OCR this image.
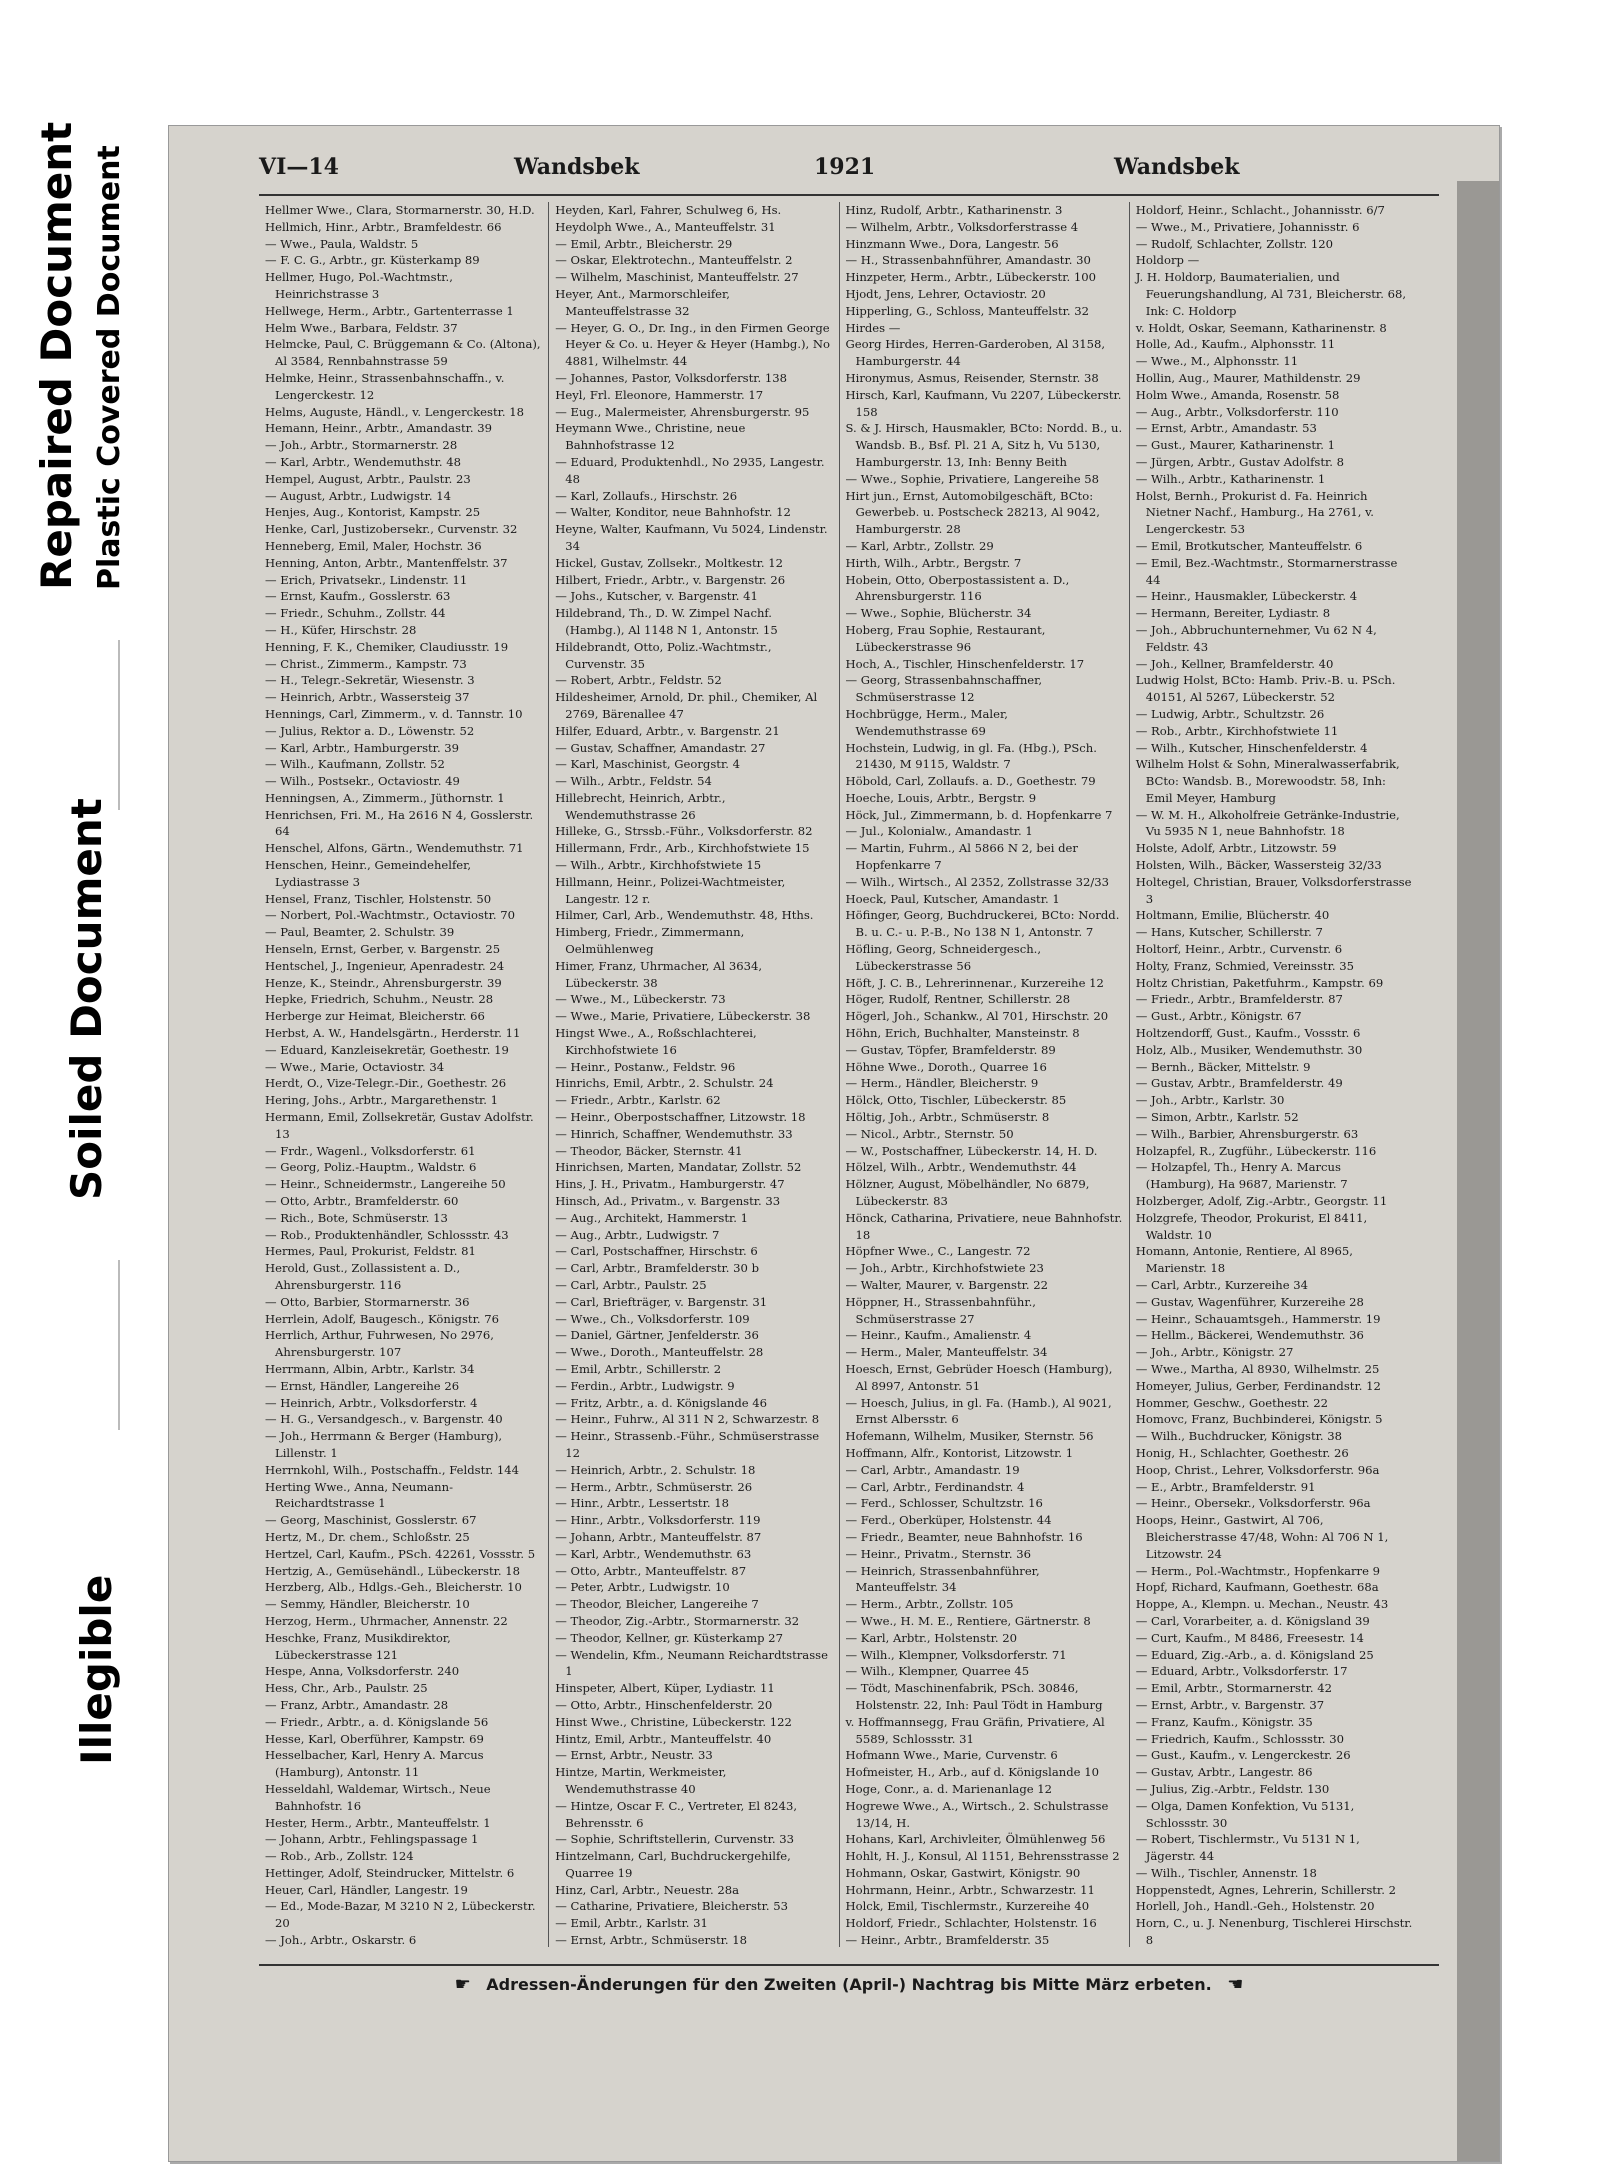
Repaired Document Plastic Covered Document
Soiled Document
Illegible
VI—14	Wandsbek	1921	Wandsbek
Hellmer Wwe., Clara, Stormarnerstr. 30, H.D.
Hellmich, Hinr., Arbtr., Bramfeldestr. 66
— Wwe., Paula, Waldstr. 5
— F. C. G., Arbtr., gr. Küsterkamp 89
Hellmer, Hugo, Pol.-Wachtmstr., Heinrichstrasse 3
Hellwege, Herm., Arbtr., Gartenterrasse 1
Helm Wwe., Barbara, Feldstr. 37
Helmcke, Paul, C. Brüggemann & Co. (Altona), Al 3584, Rennbahnstrasse 59
Helmke, Heinr., Strassenbahnschaffn., v. Lengerckestr. 12
Helms, Auguste, Händl., v. Lengerckestr. 18
Hemann, Heinr., Arbtr., Amandastr. 39
— Joh., Arbtr., Stormarnerstr. 28
— Karl, Arbtr., Wendemuthstr. 48
Hempel, August, Arbtr., Paulstr. 23
— August, Arbtr., Ludwigstr. 14
Henjes, Aug., Kontorist, Kampstr. 25
Henke, Carl, Justizobersekr., Curvenstr. 32
Henneberg, Emil, Maler, Hochstr. 36
Henning, Anton, Arbtr., Mantenffelstr. 37
— Erich, Privatsekr., Lindenstr. 11
— Ernst, Kaufm., Gosslerstr. 63
— Friedr., Schuhm., Zollstr. 44
— H., Küfer, Hirschstr. 28
Henning, F. K., Chemiker, Claudiusstr. 19
— Christ., Zimmerm., Kampstr. 73
— H., Telegr.-Sekretär, Wiesenstr. 3
— Heinrich, Arbtr., Wassersteig 37
Hennings, Carl, Zimmerm., v. d. Tannstr. 10
— Julius, Rektor a. D., Löwenstr. 52
— Karl, Arbtr., Hamburgerstr. 39
— Wilh., Kaufmann, Zollstr. 52
— Wilh., Postsekr., Octaviostr. 49
Henningsen, A., Zimmerm., Jüthornstr. 1
Henrichsen, Fri. M., Ha 2616 N 4, Gosslerstr. 64
Henschel, Alfons, Gärtn., Wendemuthstr. 71
Henschen, Heinr., Gemeindehelfer, Lydiastrasse 3
Hensel, Franz, Tischler, Holstenstr. 50
— Norbert, Pol.-Wachtmstr., Octaviostr. 70
— Paul, Beamter, 2. Schulstr. 39
Henseln, Ernst, Gerber, v. Bargenstr. 25
Hentschel, J., Ingenieur, Apenradestr. 24
Henze, K., Steindr., Ahrensburgerstr. 39
Hepke, Friedrich, Schuhm., Neustr. 28
Herberge zur Heimat, Bleicherstr. 66
Herbst, A. W., Handelsgärtn., Herderstr. 11
— Eduard, Kanzleisekretär, Goethestr. 19
— Wwe., Marie, Octaviostr. 34
Herdt, O., Vize-Telegr.-Dir., Goethestr. 26
Hering, Johs., Arbtr., Margarethenstr. 1
Hermann, Emil, Zollsekretär, Gustav Adolfstr. 13
— Frdr., Wagenl., Volksdorferstr. 61
— Georg, Poliz.-Hauptm., Waldstr. 6
— Heinr., Schneidermstr., Langereihe 50
— Otto, Arbtr., Bramfelderstr. 60
— Rich., Bote, Schmüserstr. 13
— Rob., Produktenhändler, Schlossstr. 43
Hermes, Paul, Prokurist, Feldstr. 81
Herold, Gust., Zollassistent a. D., Ahrensburgerstr. 116
— Otto, Barbier, Stormarnerstr. 36
Herrlein, Adolf, Baugesch., Königstr. 76
Herrlich, Arthur, Fuhrwesen, No 2976, Ahrensburgerstr. 107
Herrmann, Albin, Arbtr., Karlstr. 34
— Ernst, Händler, Langereihe 26
— Heinrich, Arbtr., Volksdorferstr. 4
— H. G., Versandgesch., v. Bargenstr. 40
— Joh., Herrmann & Berger (Hamburg), Lillenstr. 1
Herrnkohl, Wilh., Postschaffn., Feldstr. 144
Herting Wwe., Anna, Neumann-Reichardtstrasse 1
— Georg, Maschinist, Gosslerstr. 67
Hertz, M., Dr. chem., Schloßstr. 25
Hertzel, Carl, Kaufm., PSch. 42261, Vossstr. 5
Hertzig, A., Gemüsehändl., Lübeckerstr. 18
Herzberg, Alb., Hdlgs.-Geh., Bleicherstr. 10
— Semmy, Händler, Bleicherstr. 10
Herzog, Herm., Uhrmacher, Annenstr. 22
Heschke, Franz, Musikdirektor, Lübeckerstrasse 121
Hespe, Anna, Volksdorferstr. 240
Hess, Chr., Arb., Paulstr. 25
— Franz, Arbtr., Amandastr. 28
— Friedr., Arbtr., a. d. Königslande 56
Hesse, Karl, Oberführer, Kampstr. 69
Hesselbacher, Karl, Henry A. Marcus (Hamburg), Antonstr. 11
Hesseldahl, Waldemar, Wirtsch., Neue Bahnhofstr. 16
Hester, Herm., Arbtr., Manteuffelstr. 1
— Johann, Arbtr., Fehlingspassage 1
— Rob., Arb., Zollstr. 124
Hettinger, Adolf, Steindrucker, Mittelstr. 6
Heuer, Carl, Händler, Langestr. 19
— Ed., Mode-Bazar, M 3210 N 2, Lübeckerstr. 20
— Joh., Arbtr., Oskarstr. 6
Heyden, Karl, Fahrer, Schulweg 6, Hs.
Heydolph Wwe., A., Manteuffelstr. 31
— Emil, Arbtr., Bleicherstr. 29
— Oskar, Elektrotechn., Manteuffelstr. 2
— Wilhelm, Maschinist, Manteuffelstr. 27
Heyer, Ant., Marmorschleifer, Manteuffelstrasse 32
— Heyer, G. O., Dr. Ing., in den Firmen George Heyer & Co. u. Heyer & Heyer (Hambg.), No 4881, Wilhelmstr. 44
— Johannes, Pastor, Volksdorferstr. 138
Heyl, Frl. Eleonore, Hammerstr. 17
— Eug., Malermeister, Ahrensburgerstr. 95
Heymann Wwe., Christine, neue Bahnhofstrasse 12
— Eduard, Produktenhdl., No 2935, Langestr. 48
— Karl, Zollaufs., Hirschstr. 26
— Walter, Konditor, neue Bahnhofstr. 12
Heyne, Walter, Kaufmann, Vu 5024, Lindenstr. 34
Hickel, Gustav, Zollsekr., Moltkestr. 12
Hilbert, Friedr., Arbtr., v. Bargenstr. 26
— Johs., Kutscher, v. Bargenstr. 41
Hildebrand, Th., D. W. Zimpel Nachf. (Hambg.), Al 1148 N 1, Antonstr. 15
Hildebrandt, Otto, Poliz.-Wachtmstr., Curvenstr. 35
— Robert, Arbtr., Feldstr. 52
Hildesheimer, Arnold, Dr. phil., Chemiker, Al 2769, Bärenallee 47
Hilfer, Eduard, Arbtr., v. Bargenstr. 21
— Gustav, Schaffner, Amandastr. 27
— Karl, Maschinist, Georgstr. 4
— Wilh., Arbtr., Feldstr. 54
Hillebrecht, Heinrich, Arbtr., Wendemuthstrasse 26
Hilleke, G., Strssb.-Führ., Volksdorferstr. 82
Hillermann, Frdr., Arb., Kirchhofstwiete 15
— Wilh., Arbtr., Kirchhofstwiete 15
Hillmann, Heinr., Polizei-Wachtmeister, Langestr. 12 r.
Hilmer, Carl, Arb., Wendemuthstr. 48, Hths.
Himberg, Friedr., Zimmermann, Oelmühlenweg
Himer, Franz, Uhrmacher, Al 3634, Lübeckerstr. 38
— Wwe., M., Lübeckerstr. 73
— Wwe., Marie, Privatiere, Lübeckerstr. 38
Hingst Wwe., A., Roßschlachterei, Kirchhofstwiete 16
— Heinr., Postanw., Feldstr. 96
Hinrichs, Emil, Arbtr., 2. Schulstr. 24
— Friedr., Arbtr., Karlstr. 62
— Heinr., Oberpostschaffner, Litzowstr. 18
— Hinrich, Schaffner, Wendemuthstr. 33
— Theodor, Bäcker, Sternstr. 41
Hinrichsen, Marten, Mandatar, Zollstr. 52
Hins, J. H., Privatm., Hamburgerstr. 47
Hinsch, Ad., Privatm., v. Bargenstr. 33
— Aug., Architekt, Hammerstr. 1
— Aug., Arbtr., Ludwigstr. 7
— Carl, Postschaffner, Hirschstr. 6
— Carl, Arbtr., Bramfelderstr. 30 b
— Carl, Arbtr., Paulstr. 25
— Carl, Briefträger, v. Bargenstr. 31
— Wwe., Ch., Volksdorferstr. 109
— Daniel, Gärtner, Jenfelderstr. 36
— Wwe., Doroth., Manteuffelstr. 28
— Emil, Arbtr., Schillerstr. 2
— Ferdin., Arbtr., Ludwigstr. 9
— Fritz, Arbtr., a. d. Königslande 46
— Heinr., Fuhrw., Al 311 N 2, Schwarzestr. 8
— Heinr., Strassenb.-Führ., Schmüserstrasse 12
— Heinrich, Arbtr., 2. Schulstr. 18
— Herm., Arbtr., Schmüserstr. 26
— Hinr., Arbtr., Lessertstr. 18
— Hinr., Arbtr., Volksdorferstr. 119
— Johann, Arbtr., Manteuffelstr. 87
— Karl, Arbtr., Wendemuthstr. 63
— Otto, Arbtr., Manteuffelstr. 87
— Peter, Arbtr., Ludwigstr. 10
— Theodor, Bleicher, Langereihe 7
— Theodor, Zig.-Arbtr., Stormarnerstr. 32
— Theodor, Kellner, gr. Küsterkamp 27
— Wendelin, Kfm., Neumann Reichardtstrasse 1
Hinspeter, Albert, Küper, Lydiastr. 11
— Otto, Arbtr., Hinschenfelderstr. 20
Hinst Wwe., Christine, Lübeckerstr. 122
Hintz, Emil, Arbtr., Manteuffelstr. 40
— Ernst, Arbtr., Neustr. 33
Hintze, Martin, Werkmeister, Wendemuthstrasse 40
— Hintze, Oscar F. C., Vertreter, El 8243, Behrensstr. 6
— Sophie, Schriftstellerin, Curvenstr. 33
Hintzelmann, Carl, Buchdruckergehilfe, Quarree 19
Hinz, Carl, Arbtr., Neuestr. 28a
— Catharine, Privatiere, Bleicherstr. 53
— Emil, Arbtr., Karlstr. 31
— Ernst, Arbtr., Schmüserstr. 18
Hinz, Rudolf, Arbtr., Katharinenstr. 3
— Wilhelm, Arbtr., Volksdorferstrasse 4
Hinzmann Wwe., Dora, Langestr. 56
— H., Strassenbahnführer, Amandastr. 30
Hinzpeter, Herm., Arbtr., Lübeckerstr. 100
Hjodt, Jens, Lehrer, Octaviostr. 20
Hipperling, G., Schloss, Manteuffelstr. 32
Hirdes —
Georg Hirdes, Herren-Garderoben, Al 3158, Hamburgerstr. 44
Hironymus, Asmus, Reisender, Sternstr. 38
Hirsch, Karl, Kaufmann, Vu 2207, Lübeckerstr. 158
S. & J. Hirsch, Hausmakler, BCto: Nordd. B., u. Wandsb. B., Bsf. Pl. 21 A, Sitz h, Vu 5130, Hamburgerstr. 13, Inh: Benny Beith
— Wwe., Sophie, Privatiere, Langereihe 58
Hirt jun., Ernst, Automobilgeschäft, BCto: Gewerbeb. u. Postscheck 28213, Al 9042, Hamburgerstr. 28
— Karl, Arbtr., Zollstr. 29
Hirth, Wilh., Arbtr., Bergstr. 7
Hobein, Otto, Oberpostassistent a. D., Ahrensburgerstr. 116
— Wwe., Sophie, Blücherstr. 34
Hoberg, Frau Sophie, Restaurant, Lübeckerstrasse 96
Hoch, A., Tischler, Hinschenfelderstr. 17
— Georg, Strassenbahnschaffner, Schmüserstrasse 12
Hochbrügge, Herm., Maler, Wendemuthstrasse 69
Hochstein, Ludwig, in gl. Fa. (Hbg.), PSch. 21430, M 9115, Waldstr. 7
Höbold, Carl, Zollaufs. a. D., Goethestr. 79
Hoeche, Louis, Arbtr., Bergstr. 9
Höck, Jul., Zimmermann, b. d. Hopfenkarre 7
— Jul., Kolonialw., Amandastr. 1
— Martin, Fuhrm., Al 5866 N 2, bei der Hopfenkarre 7
— Wilh., Wirtsch., Al 2352, Zollstrasse 32/33
Hoeck, Paul, Kutscher, Amandastr. 1
Höfinger, Georg, Buchdruckerei, BCto: Nordd. B. u. C.- u. P.-B., No 138 N 1, Antonstr. 7
Höfling, Georg, Schneidergesch., Lübeckerstrasse 56
Höft, J. C. B., Lehrerinnenar., Kurzereihe 12
Höger, Rudolf, Rentner, Schillerstr. 28
Högerl, Joh., Schankw., Al 701, Hirschstr. 20
Höhn, Erich, Buchhalter, Mansteinstr. 8
— Gustav, Töpfer, Bramfelderstr. 89
Höhne Wwe., Doroth., Quarree 16
— Herm., Händler, Bleicherstr. 9
Hölck, Otto, Tischler, Lübeckerstr. 85
Höltig, Joh., Arbtr., Schmüserstr. 8
— Nicol., Arbtr., Sternstr. 50
— W., Postschaffner, Lübeckerstr. 14, H. D.
Hölzel, Wilh., Arbtr., Wendemuthstr. 44
Hölzner, August, Möbelhändler, No 6879, Lübeckerstr. 83
Hönck, Catharina, Privatiere, neue Bahnhofstr. 18
Höpfner Wwe., C., Langestr. 72
— Joh., Arbtr., Kirchhofstwiete 23
— Walter, Maurer, v. Bargenstr. 22
Höppner, H., Strassenbahnführ., Schmüserstrasse 27
— Heinr., Kaufm., Amalienstr. 4
— Herm., Maler, Manteuffelstr. 34
Hoesch, Ernst, Gebrüder Hoesch (Hamburg), Al 8997, Antonstr. 51
— Hoesch, Julius, in gl. Fa. (Hamb.), Al 9021, Ernst Albersstr. 6
Hofemann, Wilhelm, Musiker, Sternstr. 56
Hoffmann, Alfr., Kontorist, Litzowstr. 1
— Carl, Arbtr., Amandastr. 19
— Carl, Arbtr., Ferdinandstr. 4
— Ferd., Schlosser, Schultzstr. 16
— Ferd., Oberküper, Holstenstr. 44
— Friedr., Beamter, neue Bahnhofstr. 16
— Heinr., Privatm., Sternstr. 36
— Heinrich, Strassenbahnführer, Manteuffelstr. 34
— Herm., Arbtr., Zollstr. 105
— Wwe., H. M. E., Rentiere, Gärtnerstr. 8
— Karl, Arbtr., Holstenstr. 20
— Wilh., Klempner, Volksdorferstr. 71
— Wilh., Klempner, Quarree 45
— Tödt, Maschinenfabrik, PSch. 30846, Holstenstr. 22, Inh: Paul Tödt in Hamburg
v. Hoffmannsegg, Frau Gräfin, Privatiere, Al 5589, Schlossstr. 31
Hofmann Wwe., Marie, Curvenstr. 6
Hofmeister, H., Arb., auf d. Königslande 10
Hoge, Conr., a. d. Marienanlage 12
Hogrewe Wwe., A., Wirtsch., 2. Schulstrasse 13/14, H.
Hohans, Karl, Archivleiter, Ölmühlenweg 56
Hohlt, H. J., Konsul, Al 1151, Behrensstrasse 2
Hohmann, Oskar, Gastwirt, Königstr. 90
Hohrmann, Heinr., Arbtr., Schwarzestr. 11
Holck, Emil, Tischlermstr., Kurzereihe 40
Holdorf, Friedr., Schlachter, Holstenstr. 16
— Heinr., Arbtr., Bramfelderstr. 35
Holdorf, Heinr., Schlacht., Johannisstr. 6/7
— Wwe., M., Privatiere, Johannisstr. 6
— Rudolf, Schlachter, Zollstr. 120
Holdorp —
J. H. Holdorp, Baumaterialien, und Feuerungshandlung, Al 731, Bleicherstr. 68, Ink: C. Holdorp
v. Holdt, Oskar, Seemann, Katharinenstr. 8
Holle, Ad., Kaufm., Alphonsstr. 11
— Wwe., M., Alphonsstr. 11
Hollin, Aug., Maurer, Mathildenstr. 29
Holm Wwe., Amanda, Rosenstr. 58
— Aug., Arbtr., Volksdorferstr. 110
— Ernst, Arbtr., Amandastr. 53
— Gust., Maurer, Katharinenstr. 1
— Jürgen, Arbtr., Gustav Adolfstr. 8
— Wilh., Arbtr., Katharinenstr. 1
Holst, Bernh., Prokurist d. Fa. Heinrich Nietner Nachf., Hamburg., Ha 2761, v. Lengerckestr. 53
— Emil, Brotkutscher, Manteuffelstr. 6
— Emil, Bez.-Wachtmstr., Stormarnerstrasse 44
— Heinr., Hausmakler, Lübeckerstr. 4
— Hermann, Bereiter, Lydiastr. 8
— Joh., Abbruchunternehmer, Vu 62 N 4, Feldstr. 43
— Joh., Kellner, Bramfelderstr. 40
Ludwig Holst, BCto: Hamb. Priv.-B. u. PSch. 40151, Al 5267, Lübeckerstr. 52
— Ludwig, Arbtr., Schultzstr. 26
— Rob., Arbtr., Kirchhofstwiete 11
— Wilh., Kutscher, Hinschenfelderstr. 4
Wilhelm Holst & Sohn, Mineralwasserfabrik, BCto: Wandsb. B., Morewoodstr. 58, Inh: Emil Meyer, Hamburg
— W. M. H., Alkoholfreie Getränke-Industrie, Vu 5935 N 1, neue Bahnhofstr. 18
Holste, Adolf, Arbtr., Litzowstr. 59
Holsten, Wilh., Bäcker, Wassersteig 32/33
Holtegel, Christian, Brauer, Volksdorferstrasse 3
Holtmann, Emilie, Blücherstr. 40
— Hans, Kutscher, Schillerstr. 7
Holtorf, Heinr., Arbtr., Curvenstr. 6
Holty, Franz, Schmied, Vereinsstr. 35
Holtz Christian, Paketfuhrm., Kampstr. 69
— Friedr., Arbtr., Bramfelderstr. 87
— Gust., Arbtr., Königstr. 67
Holtzendorff, Gust., Kaufm., Vossstr. 6
Holz, Alb., Musiker, Wendemuthstr. 30
— Bernh., Bäcker, Mittelstr. 9
— Gustav, Arbtr., Bramfelderstr. 49
— Joh., Arbtr., Karlstr. 30
— Simon, Arbtr., Karlstr. 52
— Wilh., Barbier, Ahrensburgerstr. 63
Holzapfel, R., Zugführ., Lübeckerstr. 116
— Holzapfel, Th., Henry A. Marcus (Hamburg), Ha 9687, Marienstr. 7
Holzberger, Adolf, Zig.-Arbtr., Georgstr. 11
Holzgrefe, Theodor, Prokurist, El 8411, Waldstr. 10
Homann, Antonie, Rentiere, Al 8965, Marienstr. 18
— Carl, Arbtr., Kurzereihe 34
— Gustav, Wagenführer, Kurzereihe 28
— Heinr., Schauamtsgeh., Hammerstr. 19
— Hellm., Bäckerei, Wendemuthstr. 36
— Joh., Arbtr., Königstr. 27
— Wwe., Martha, Al 8930, Wilhelmstr. 25
Homeyer, Julius, Gerber, Ferdinandstr. 12
Hommer, Geschw., Goethestr. 22
Homovc, Franz, Buchbinderei, Königstr. 5
— Wilh., Buchdrucker, Königstr. 38
Honig, H., Schlachter, Goethestr. 26
Hoop, Christ., Lehrer, Volksdorferstr. 96a
— E., Arbtr., Bramfelderstr. 91
— Heinr., Obersekr., Volksdorferstr. 96a
Hoops, Heinr., Gastwirt, Al 706, Bleicherstrasse 47/48, Wohn: Al 706 N 1, Litzowstr. 24
— Herm., Pol.-Wachtmstr., Hopfenkarre 9
Hopf, Richard, Kaufmann, Goethestr. 68a
Hoppe, A., Klempn. u. Mechan., Neustr. 43
— Carl, Vorarbeiter, a. d. Königsland 39
— Curt, Kaufm., M 8486, Freesestr. 14
— Eduard, Zig.-Arb., a. d. Königsland 25
— Eduard, Arbtr., Volksdorferstr. 17
— Emil, Arbtr., Stormarnerstr. 42
— Ernst, Arbtr., v. Bargenstr. 37
— Franz, Kaufm., Königstr. 35
— Friedrich, Kaufm., Schlossstr. 30
— Gust., Kaufm., v. Lengerckestr. 26
— Gustav, Arbtr., Langestr. 86
— Julius, Zig.-Arbtr., Feldstr. 130
— Olga, Damen Konfektion, Vu 5131, Schlossstr. 30
— Robert, Tischlermstr., Vu 5131 N 1, Jägerstr. 44
— Wilh., Tischler, Annenstr. 18
Hoppenstedt, Agnes, Lehrerin, Schillerstr. 2
Horlell, Joh., Handl.-Geh., Holstenstr. 20
Horn, C., u. J. Nenenburg, Tischlerei Hirschstr. 8
☛ Adressen-Änderungen für den Zweiten (April-) Nachtrag bis Mitte März erbeten. ☚
